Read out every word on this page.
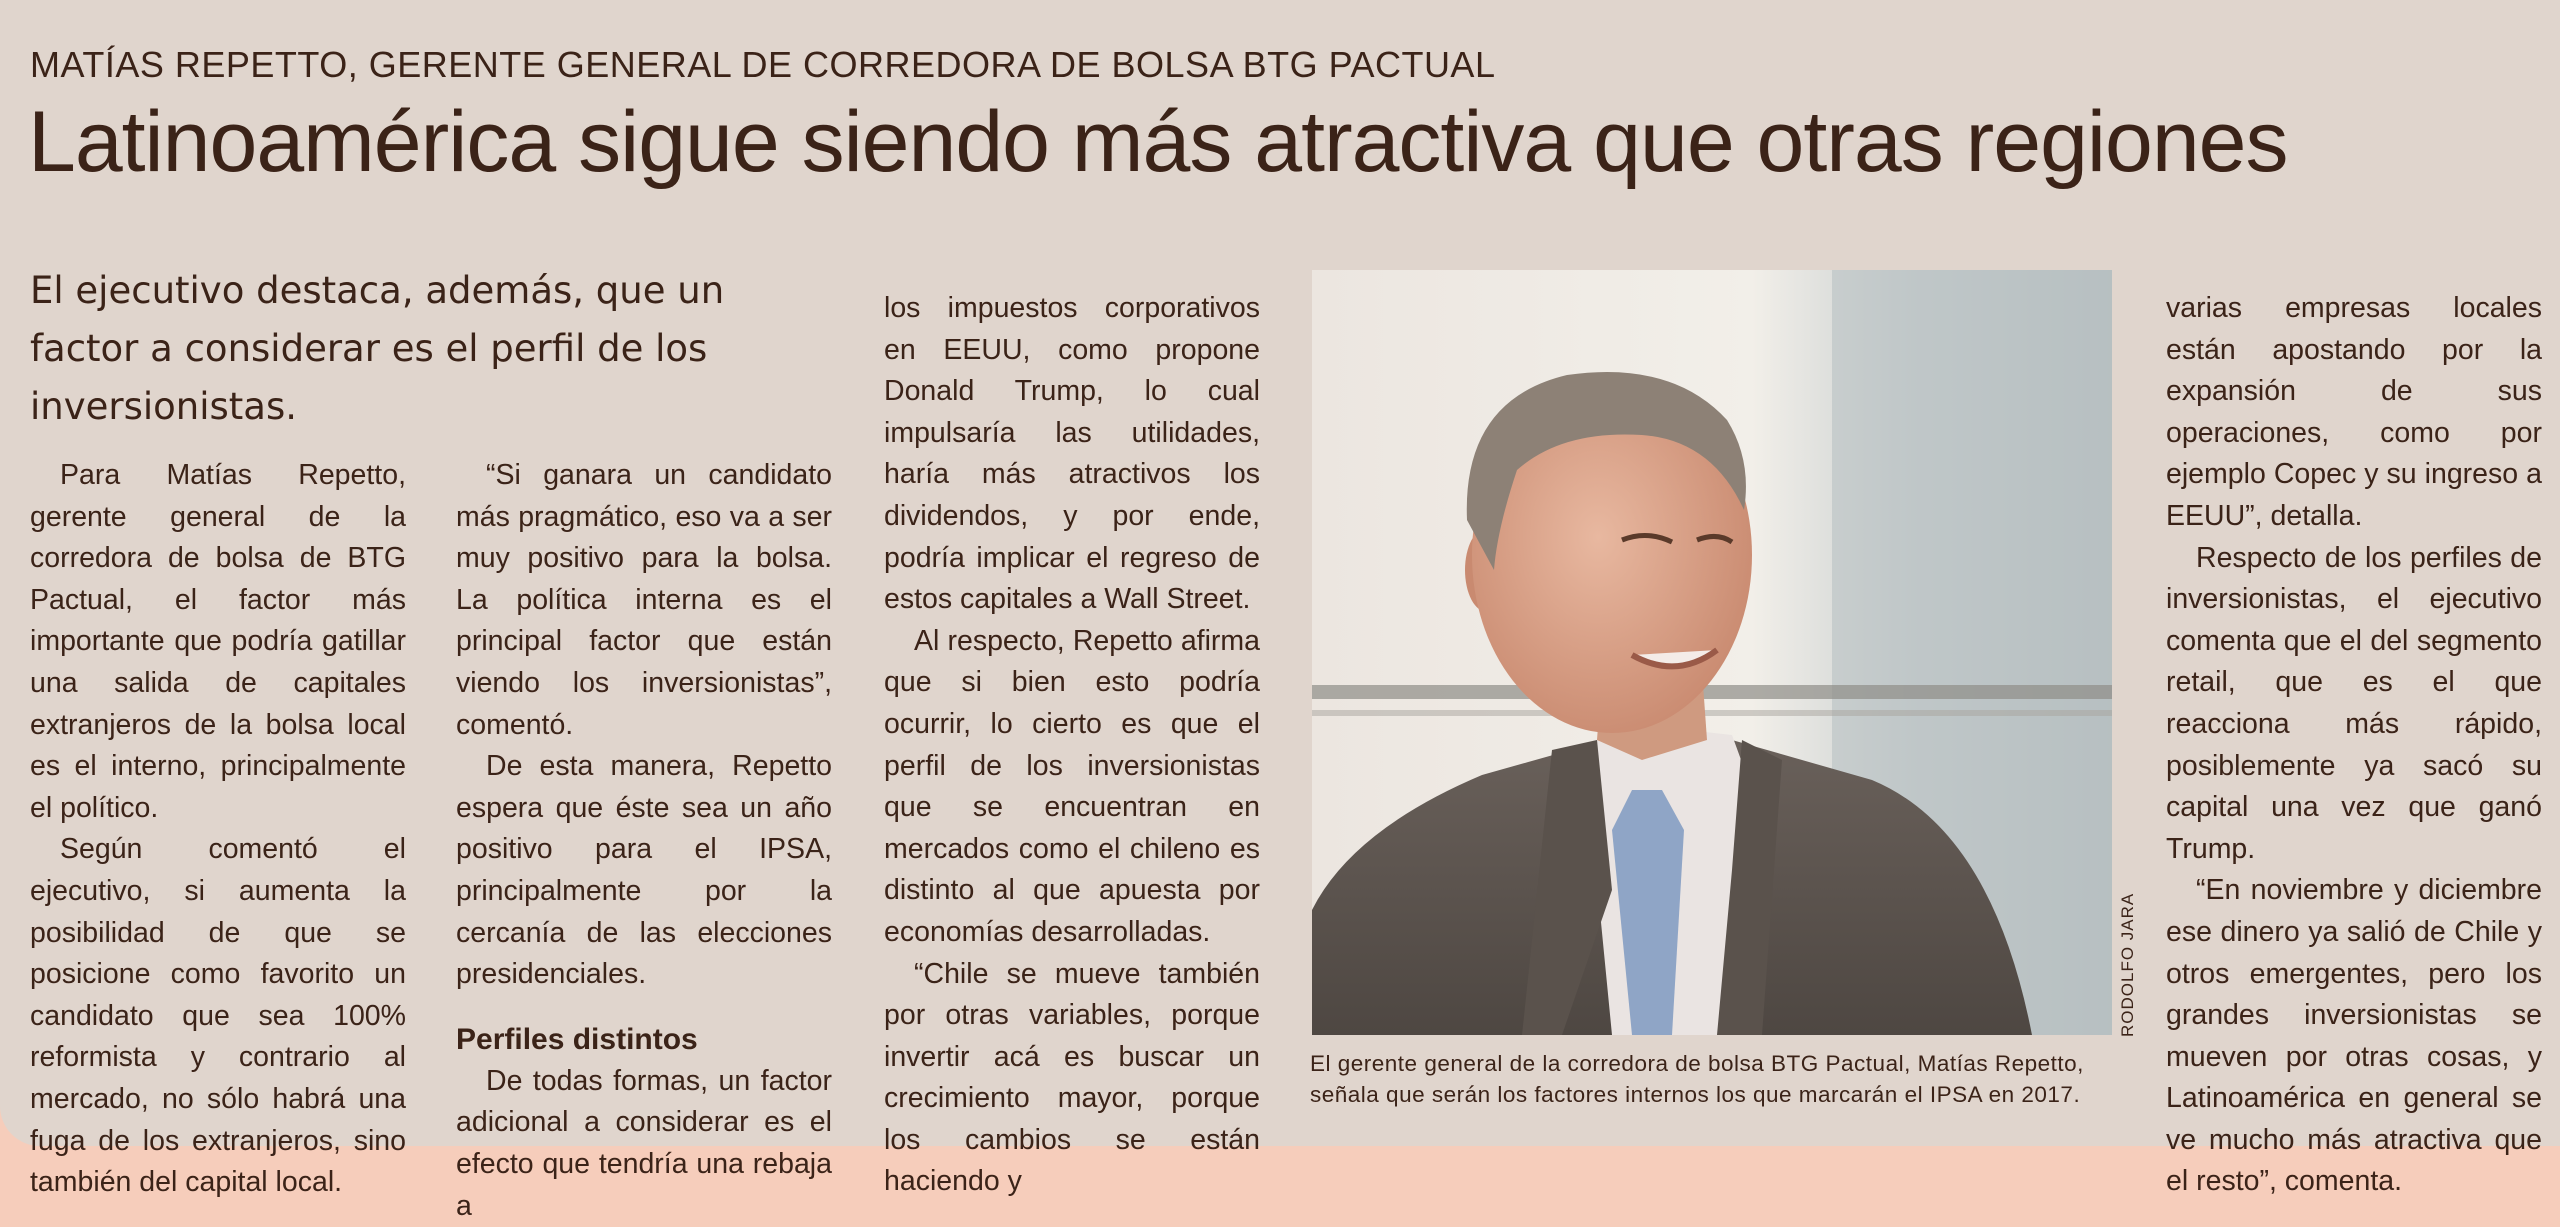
MATÍAS REPETTO, GERENTE GENERAL DE CORREDORA DE BOLSA BTG PACTUAL
Latinoamérica sigue siendo más atractiva que otras regiones
El ejecutivo destaca, además, que un factor a considerar es el perfil de los inversionistas.

Para Matías Repetto, gerente general de la corredora de bolsa de BTG Pactual, el factor más importante que podría gatillar una salida de capitales extranjeros de la bolsa local es el interno, principalmente el político.

Según comentó el ejecutivo, si aumenta la posibilidad de que se posicione como favorito un candidato que sea 100% reformista y contrario al mercado, no sólo habrá una fuga de los extranjeros, sino también del capital local.

“Si ganara un candidato más pragmático, eso va a ser muy positivo para la bolsa. La política interna es el principal factor que están viendo los inversionistas”, comentó.

De esta manera, Repetto espera que éste sea un año positivo para el IPSA, principalmente por la cercanía de las elecciones presidenciales.

Perfiles distintos

De todas formas, un factor adicional a considerar es el efecto que tendría una rebaja a

los impuestos corporativos en EEUU, como propone Donald Trump, lo cual impulsaría las utilidades, haría más atractivos los dividendos, y por ende, podría implicar el regreso de estos capitales a Wall Street.

Al respecto, Repetto afirma que si bien esto podría ocurrir, lo cierto es que el perfil de los inversionistas que se encuentran en mercados como el chileno es distinto al que apuesta por economías desarrolladas.

“Chile se mueve también por otras variables, porque invertir acá es buscar un crecimiento mayor, porque los cambios se están haciendo y

RODOLFO JARA
El gerente general de la corredora de bolsa BTG Pactual, Matías Repetto, señala que serán los factores internos los que marcarán el IPSA en 2017.

varias empresas locales están apostando por la expansión de sus operaciones, como por ejemplo Copec y su ingreso a EEUU”, detalla.

Respecto de los perfiles de inversionistas, el ejecutivo comenta que el del segmento retail, que es el que reacciona más rápido, posiblemente ya sacó su capital una vez que ganó Trump.

“En noviembre y diciembre ese dinero ya salió de Chile y otros emergentes, pero los grandes inversionistas se mueven por otras cosas, y Latinoamérica en general se ve mucho más atractiva que el resto”, comenta.
